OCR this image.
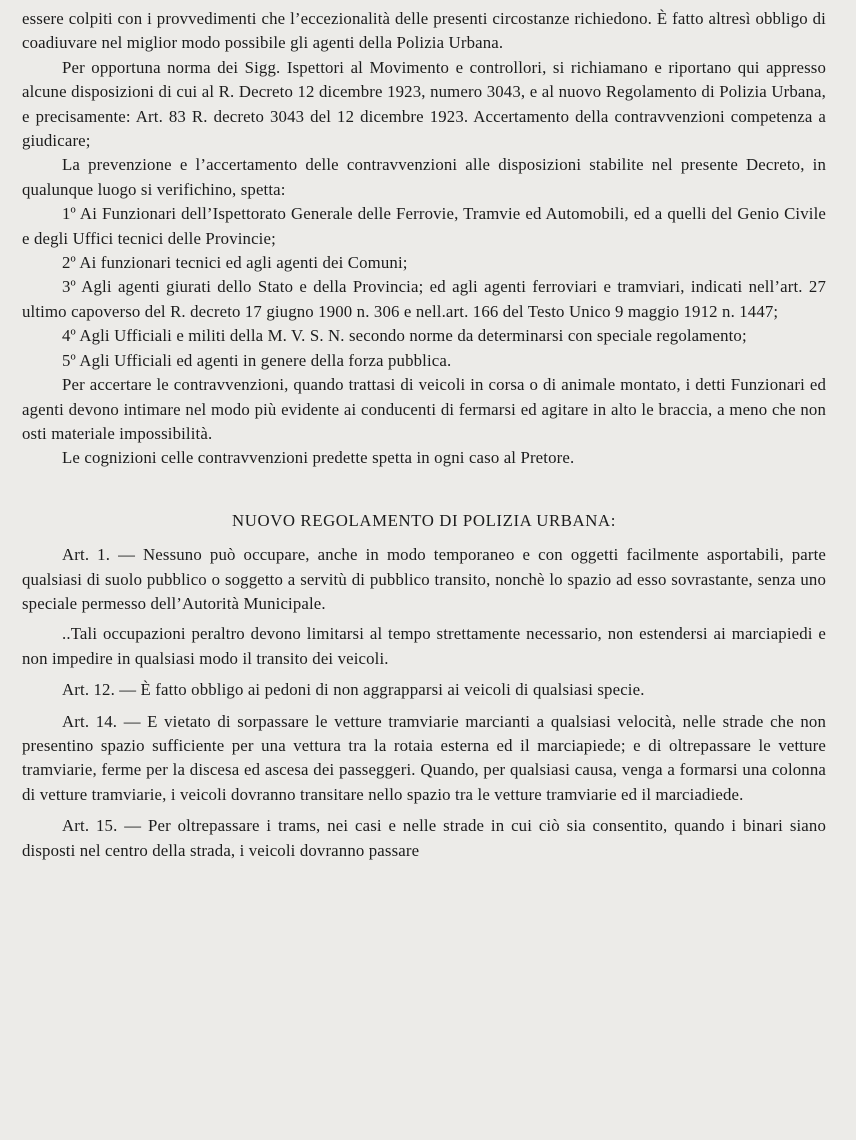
essere colpiti con i provvedimenti che l’eccezionalità delle presenti circostanze richiedono. È fatto altresì obbligo di coadiuvare nel miglior modo possibile gli agenti della Polizia Urbana.

Per opportuna norma dei Sigg. Ispettori al Movimento e controllori, si richiamano e riportano qui appresso alcune disposizioni di cui al R. Decreto 12 dicembre 1923, numero 3043, e al nuovo Regolamento di Polizia Urbana, e precisamente: Art. 83 R. decreto 3043 del 12 dicembre 1923. Accertamento della contravvenzioni competenza a giudicare;

La prevenzione e l’accertamento delle contravvenzioni alle disposizioni stabilite nel presente Decreto, in qualunque luogo si verifichino, spetta:

1º Ai Funzionari dell’Ispettorato Generale delle Ferrovie, Tramvie ed Automobili, ed a quelli del Genio Civile e degli Uffici tecnici delle Provincie;

2º Ai funzionari tecnici ed agli agenti dei Comuni;

3º Agli agenti giurati dello Stato e della Provincia; ed agli agenti ferroviari e tramviari, indicati nell’art. 27 ultimo capoverso del R. decreto 17 giugno 1900 n. 306 e nell.art. 166 del Testo Unico 9 maggio 1912 n. 1447;

4º Agli Ufficiali e militi della M. V. S. N. secondo norme da determinarsi con speciale regolamento;

5º Agli Ufficiali ed agenti in genere della forza pubblica.

Per accertare le contravvenzioni, quando trattasi di veicoli in corsa o di animale montato, i detti Funzionari ed agenti devono intimare nel modo più evidente ai conducenti di fermarsi ed agitare in alto le braccia, a meno che non osti materiale impossibilità.

Le cognizioni celle contravvenzioni predette spetta in ogni caso al Pretore.

NUOVO REGOLAMENTO DI POLIZIA URBANA:

Art. 1. — Nessuno può occupare, anche in modo temporaneo e con oggetti facilmente asportabili, parte qualsiasi di suolo pubblico o soggetto a servitù di pubblico transito, nonchè lo spazio ad esso sovrastante, senza uno speciale permesso dell’Autorità Municipale.

..Tali occupazioni peraltro devono limitarsi al tempo strettamente necessario, non estendersi ai marciapiedi e non impedire in qualsiasi modo il transito dei veicoli.

Art. 12. — È fatto obbligo ai pedoni di non aggrapparsi ai veicoli di qualsiasi specie.

Art. 14. — E vietato di sorpassare le vetture tramviarie marcianti a qualsiasi velocità, nelle strade che non presentino spazio sufficiente per una vettura tra la rotaia esterna ed il marciapiede; e di oltrepassare le vetture tramviarie, ferme per la discesa ed ascesa dei passeggeri. Quando, per qualsiasi causa, venga a formarsi una colonna di vetture tramviarie, i veicoli dovranno transitare nello spazio tra le vetture tramviarie ed il marciadiede.

Art. 15. — Per oltrepassare i trams, nei casi e nelle strade in cui ciò sia consentito, quando i binari siano disposti nel centro della strada, i veicoli dovranno passare
